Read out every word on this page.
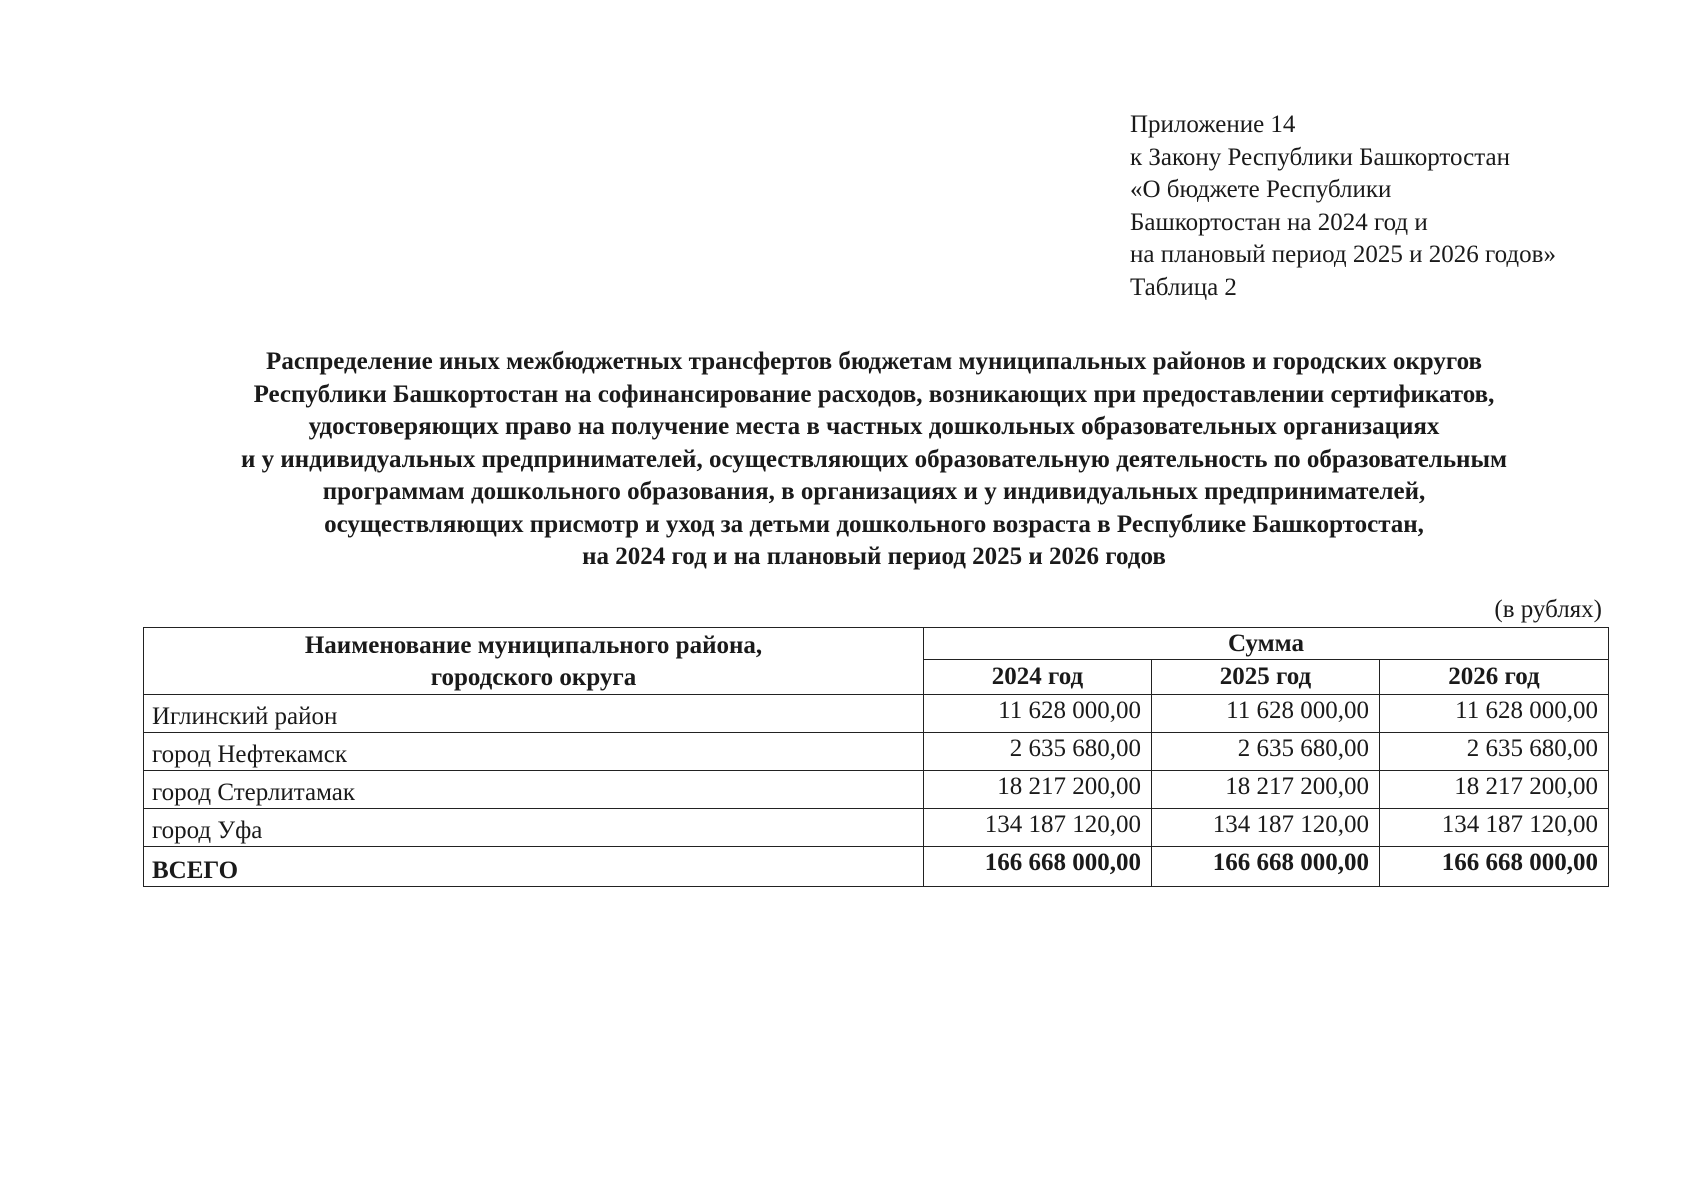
Приложение 14
к Закону Республики Башкортостан
«О бюджете Республики
Башкортостан на 2024 год и
на плановый период 2025 и 2026 годов»
Таблица 2
Распределение иных межбюджетных трансфертов бюджетам муниципальных районов и городских округов
Республики Башкортостан на софинансирование расходов, возникающих при предоставлении сертификатов,
удостоверяющих право на получение места в частных дошкольных образовательных организациях
и у индивидуальных предпринимателей, осуществляющих образовательную деятельность по образовательным
программам дошкольного образования, в организациях и у индивидуальных предпринимателей,
осуществляющих присмотр и уход за детьми дошкольного возраста в Республике Башкортостан,
на 2024 год и на плановый период 2025 и 2026 годов
(в рублях)
Наименование муниципального района,
городского округа	Сумма		
	2024 год	2025 год	2026 год
Иглинский район	11 628 000,00	11 628 000,00	11 628 000,00
город Нефтекамск	2 635 680,00	2 635 680,00	2 635 680,00
город Стерлитамак	18 217 200,00	18 217 200,00	18 217 200,00
город Уфа	134 187 120,00	134 187 120,00	134 187 120,00
ВСЕГО	166 668 000,00	166 668 000,00	166 668 000,00
